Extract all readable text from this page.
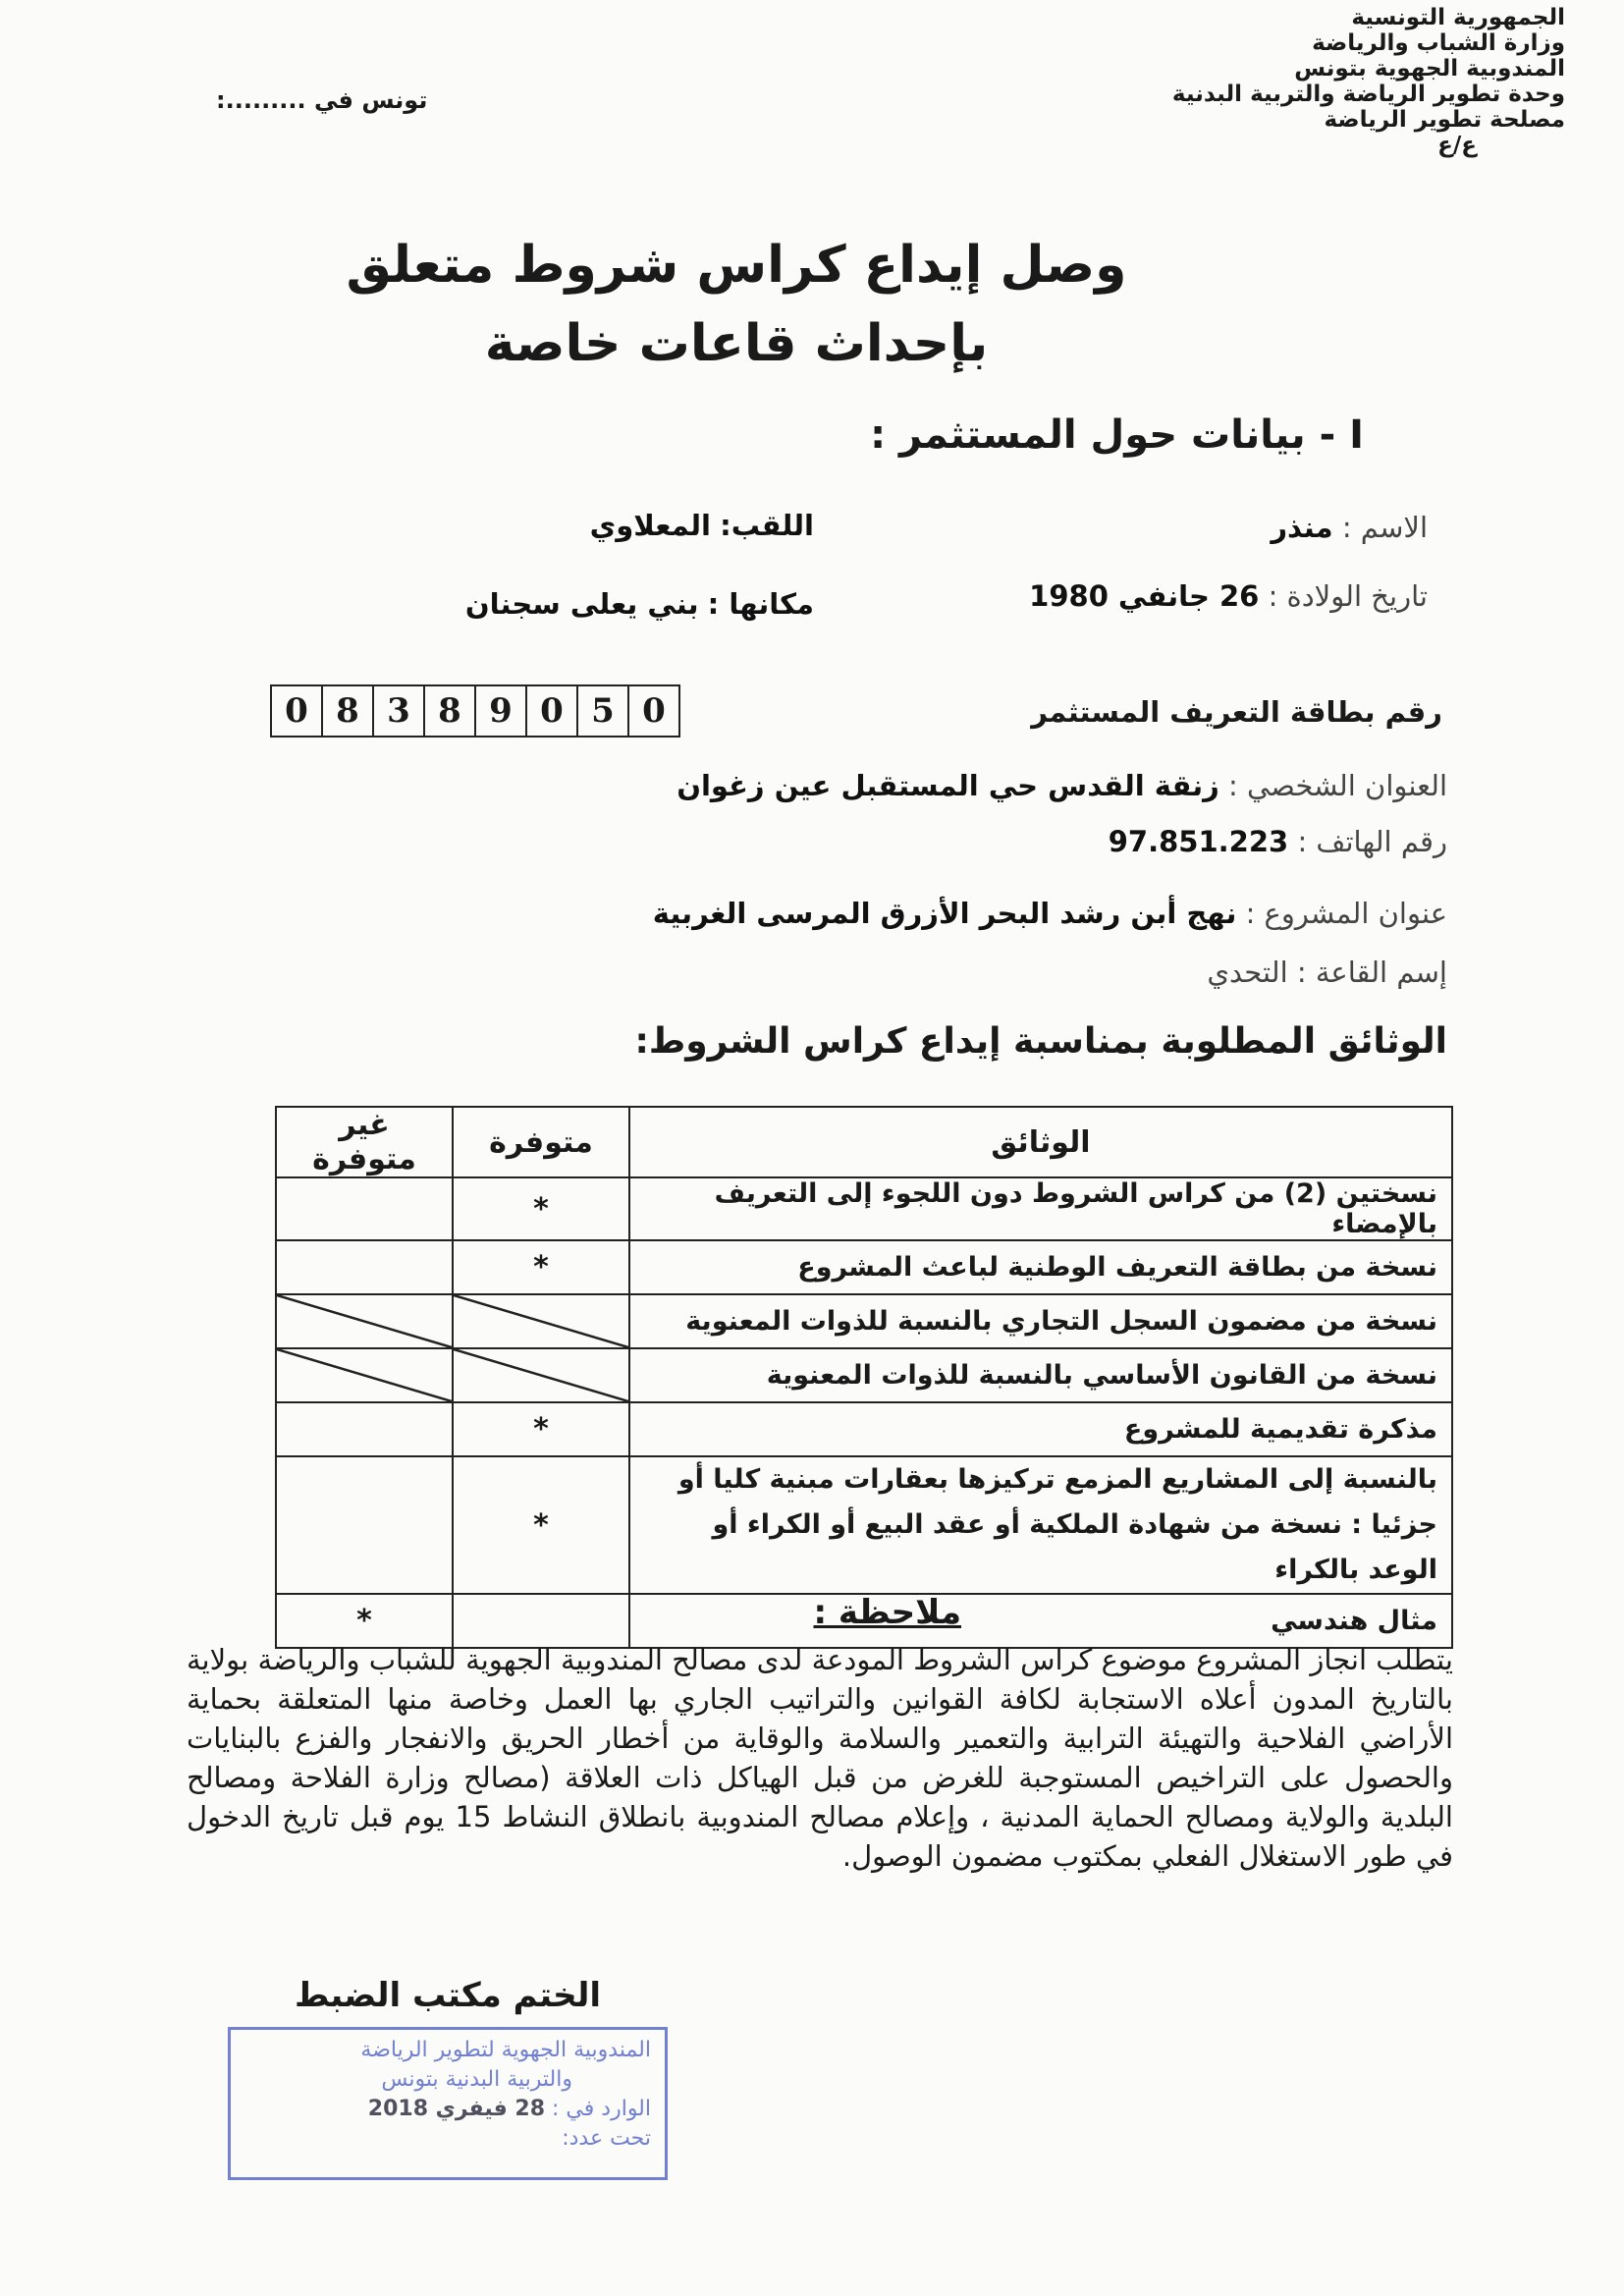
الجمهورية التونسية
وزارة الشباب والرياضة
المندوبية الجهوية بتونس
وحدة تطوير الرياضة والتربية البدنية
مصلحة تطوير الرياضة
ع/ع
تونس في .........:
وصل إيداع كراس شروط متعلق
بإحداث قاعات خاصة
I - بيانات حول المستثمر :
الاسم : منذر
اللقب: المعلاوي
تاريخ الولادة : 26 جانفي 1980
مكانها : بني يعلى سجنان
رقم بطاقة التعريف المستثمر
0 8 3 8 9 0 5 0
العنوان الشخصي : زنقة القدس حي المستقبل عين زغوان
رقم الهاتف : 97.851.223
عنوان المشروع : نهج أبن رشد البحر الأزرق المرسى الغربية
إسم القاعة : التحدي
الوثائق المطلوبة بمناسبة إيداع كراس الشروط:
الوثائق	متوفرة	غير متوفرة
نسختين (2) من كراس الشروط دون اللجوء إلى التعريف بالإمضاء	*	
نسخة من بطاقة التعريف الوطنية لباعث المشروع	*	
نسخة من مضمون السجل التجاري بالنسبة للذوات المعنوية		
نسخة من القانون الأساسي بالنسبة للذوات المعنوية		
مذكرة تقديمية للمشروع	*	
بالنسبة إلى المشاريع المزمع تركيزها بعقارات مبنية كليا أو جزئيا : نسخة من شهادة الملكية أو عقد البيع أو الكراء أو الوعد بالكراء	*	
مثال هندسي		*	ملاحظة :
يتطلب انجاز المشروع موضوع كراس الشروط المودعة لدى مصالح المندوبية الجهوية للشباب والرياضة بولاية بالتاريخ المدون أعلاه الاستجابة لكافة القوانين والتراتيب الجاري بها العمل وخاصة منها المتعلقة بحماية الأراضي الفلاحية والتهيئة الترابية والتعمير والسلامة والوقاية من أخطار الحريق والانفجار والفزع بالبنايات والحصول على التراخيص المستوجبة للغرض من قبل الهياكل ذات العلاقة (مصالح وزارة الفلاحة ومصالح البلدية والولاية ومصالح الحماية المدنية ، وإعلام مصالح المندوبية بانطلاق النشاط 15 يوم قبل تاريخ الدخول في طور الاستغلال الفعلي بمكتوب مضمون الوصول.
الختم مكتب الضبط
المندوبية الجهوية لتطوير الرياضة
والتربية البدنية بتونس
الوارد في : 28 فيفري 2018
تحت عدد:
